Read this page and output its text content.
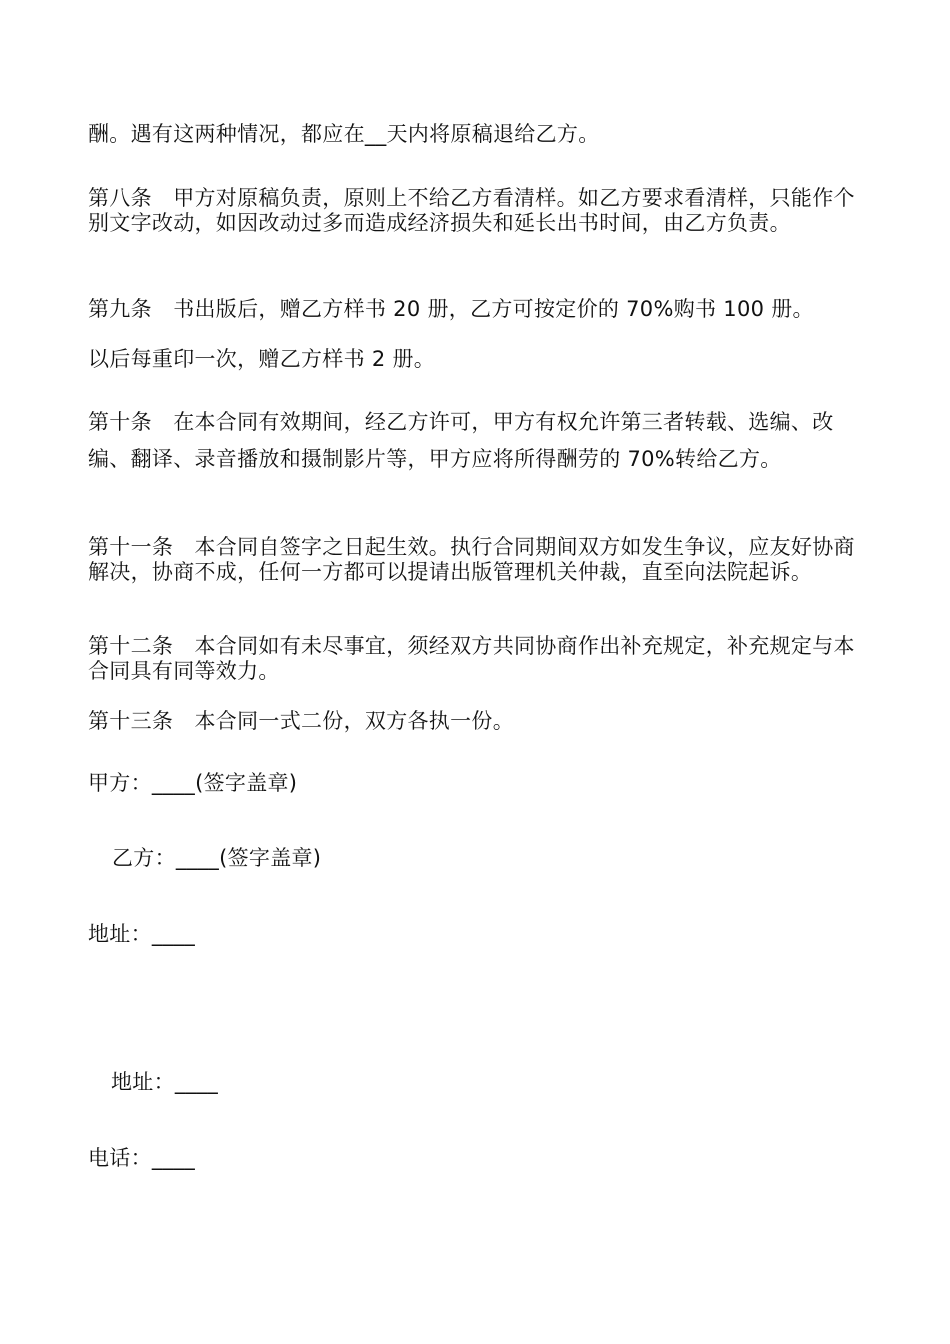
酬。遇有这两种情况，都应在__天内将原稿退给乙方。

第八条　甲方对原稿负责，原则上不给乙方看清样。如乙方要求看清样，只能作个别文字改动，如因改动过多而造成经济损失和延长出书时间，由乙方负责。

第九条　书出版后，赠乙方样书 20 册，乙方可按定价的 70%购书 100 册。

以后每重印一次，赠乙方样书 2 册。

第十条　在本合同有效期间，经乙方许可，甲方有权允许第三者转载、选编、改编、翻译、录音播放和摄制影片等，甲方应将所得酬劳的 70%转给乙方。

第十一条　本合同自签字之日起生效。执行合同期间双方如发生争议，应友好协商解决，协商不成，任何一方都可以提请出版管理机关仲裁，直至向法院起诉。

第十二条　本合同如有未尽事宜，须经双方共同协商作出补充规定，补充规定与本合同具有同等效力。

第十三条　本合同一式二份，双方各执一份。

甲方：____(签字盖章)

乙方：____(签字盖章)

地址：____

地址：____

电话：____
